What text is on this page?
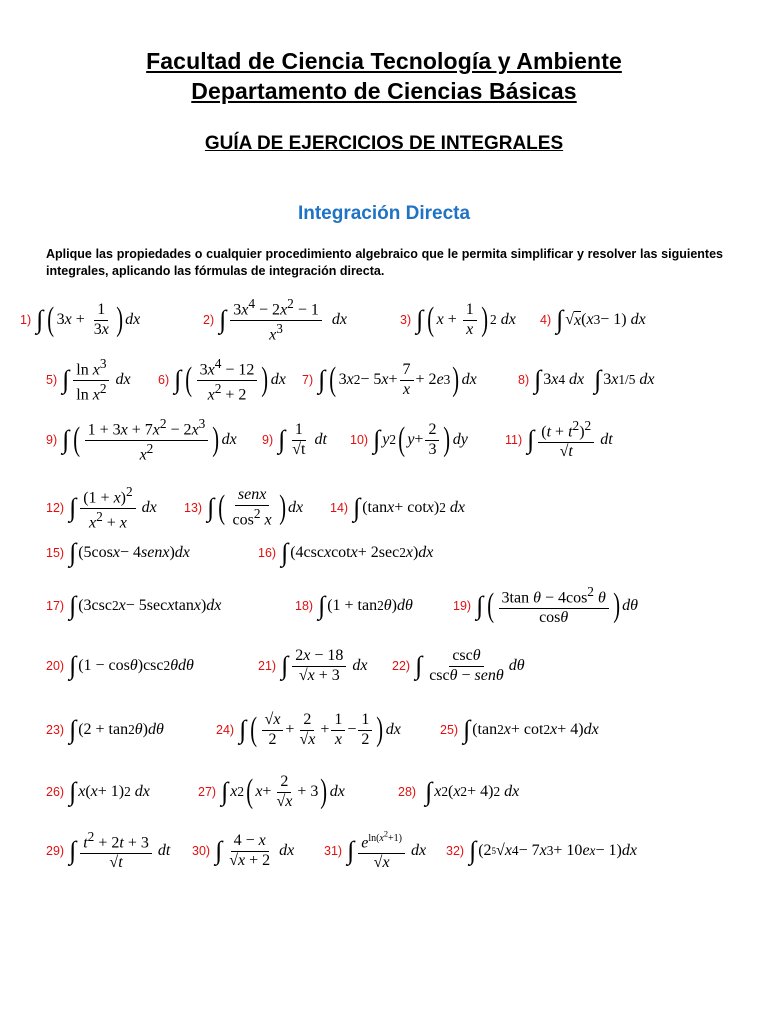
Facultad de Ciencia Tecnología y Ambiente
Departamento de Ciencias Básicas
GUÍA DE EJERCICIOS DE INTEGRALES
Integración Directa
Aplique las propiedades o cualquier procedimiento algebraico que le permita simplificar y resolver las siguientes integrales, aplicando las fórmulas de integración directa.
1) ∫ ( 3 $x + \frac{1}{3x}$ ) dx	2) ∫ $\frac{3x^4 - 2x^2 - 1}{x^3}$
dx	3) ∫ ( $x + \frac{1}{x}$ ) 2
dx 4) ∫ √ x ( x 3 − 1) dx
5) ∫ $\frac{\ln x^3}{\ln x^2}$
dx 6) ∫ ( $\frac{3x^4 - 12}{x^2 + 2}$ ) dx 7) ∫ ( 3 x 2 − 5 $x + \frac{7}{x} + 2$ e 3 ) dx	8) ∫ 3 x 4
dx
∫ 3 x 1/5
dx
9) ∫ ( $\frac{1 + 3x + 7x^2 - 2x^3}{x^2}$ ) dx 9) ∫ $\frac{1}{√t}$
dt 10) ∫ y 2 ( $y + \frac{2}{3}$ ) dy	11) ∫ $\frac{(t + t^2)^2}{√t}$
dt
12) ∫ $\frac{(1 + x)^2}{x^2 + x}$
dx 13) ∫ ( $\frac{\text{senx}}{\cos^2 x}$ ) dx 14) ∫ (tan x + cot x ) 2
dx
15) ∫ (5cos x − 4 senx ) dx	16) ∫ (4csc x cot x + 2sec 2 x ) dx
17) ∫ (3csc 2 x − 5sec x tan x ) dx	18) ∫ (1 + tan 2 θ ) dθ	19) ∫ ( $\frac{3\tan \theta - 4\cos^2 \theta}{\cos\theta}$ ) dθ
20) ∫ (1 − cos θ )csc 2 θdθ	21) ∫ $\frac{2x - 18}{√x + 3}$
dx 22) ∫ $\frac{\csc\theta}{\text{cscθ − senθ}}$ dθ
23) ∫ (2 + tan 2 θ ) dθ	24) ∫ ( $\frac{√x}{2} + \frac{2}{√x} + \frac{1}{x} - \frac{1}{2}$ ) dx	25) ∫ (tan 2 x + cot 2 x + 4) dx
26) ∫ x ( x + 1) 2
dx	27) ∫ x 2 ( $x + \frac{2}{√x} + 3$ ) dx	28)
∫ x 2 ( x 2 + 4) 2
dx
29) ∫ $\frac{t^2 + 2t + 3}{√t}$
dt 30) ∫ $\frac{4 - x}{√x + 2}$
dx 31) ∫ $\frac{e^{ln(x^2+1)}}{√x}$
dx 32) ∫ (2 5 √ x 4 − 7 x 3 + 10 e x − 1) dx
